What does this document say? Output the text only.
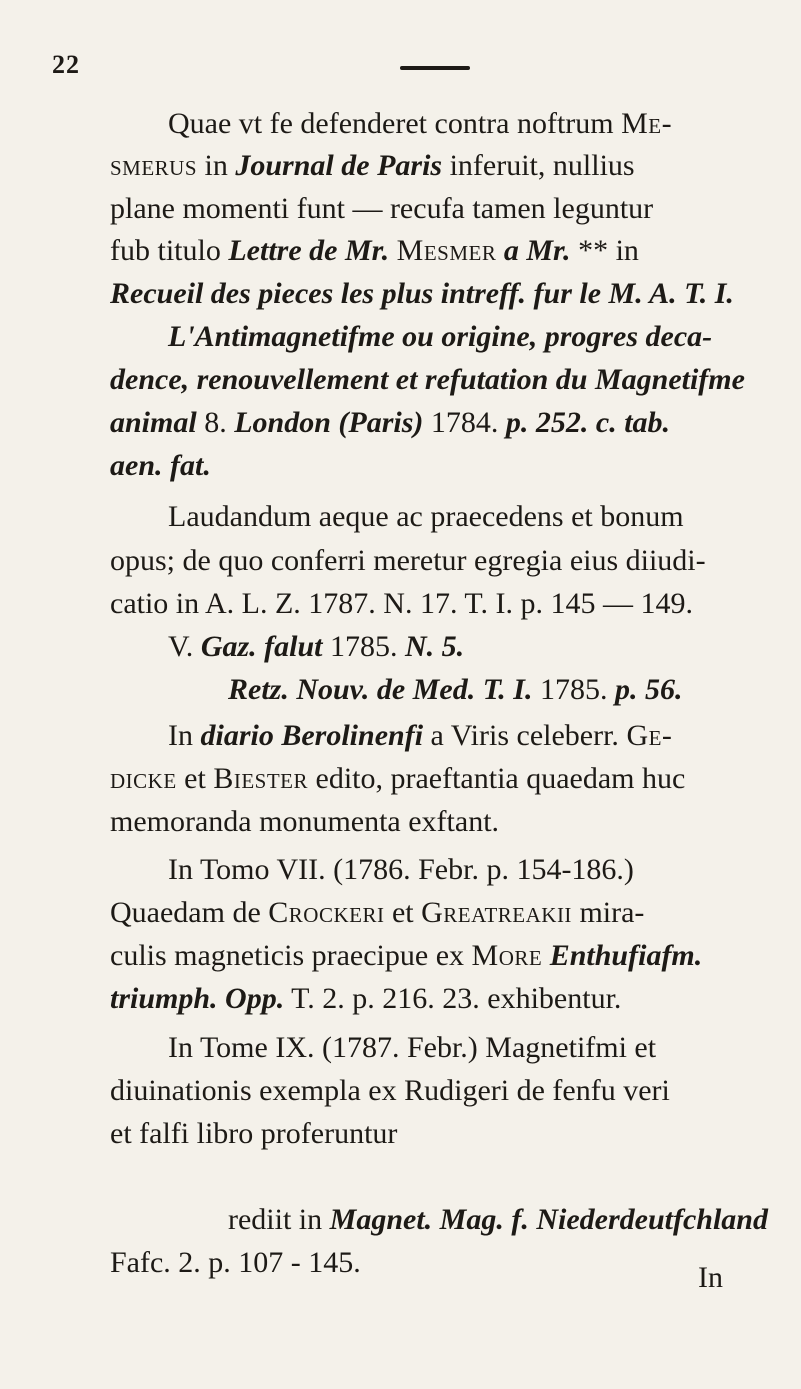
22
Quae vt fe defenderet contra noftrum Me-
smerus in Journal de Paris inferuit, nullius
plane momenti funt — recufa tamen leguntur
fub titulo Lettre de Mr. Mesmer a Mr. ** in
Recueil des pieces les plus intreff. fur le M. A. T. I.
L'Antimagnetifme ou origine, progres deca-
dence, renouvellement et refutation du Magnetifme
animal 8. London (Paris) 1784. p. 252. c. tab.
aen. fat.
Laudandum aeque ac praecedens et bonum
opus; de quo conferri meretur egregia eius diiudi-
catio in A. L. Z. 1787. N. 17. T. I. p. 145 — 149.
V. Gaz. falut 1785. N. 5.
Retz. Nouv. de Med. T. I. 1785. p. 56.
In diario Berolinenfi a Viris celeberr. Ge-
dicke et Biester edito, praeftantia quaedam huc
memoranda monumenta exftant.
In Tomo VII. (1786. Febr. p. 154-186.)
Quaedam de Crockeri et Greatreakii mira-
culis magneticis praecipue ex More Enthufiafm.
triumph. Opp. T. 2. p. 216. 23. exhibentur.
In Tome IX. (1787. Febr.) Magnetifmi et
diuinationis exempla ex Rudigeri de fenfu veri
et falfi libro proferuntur
rediit in Magnet. Mag. f. Niederdeutfchland
Fafc. 2. p. 107 - 145.	In
